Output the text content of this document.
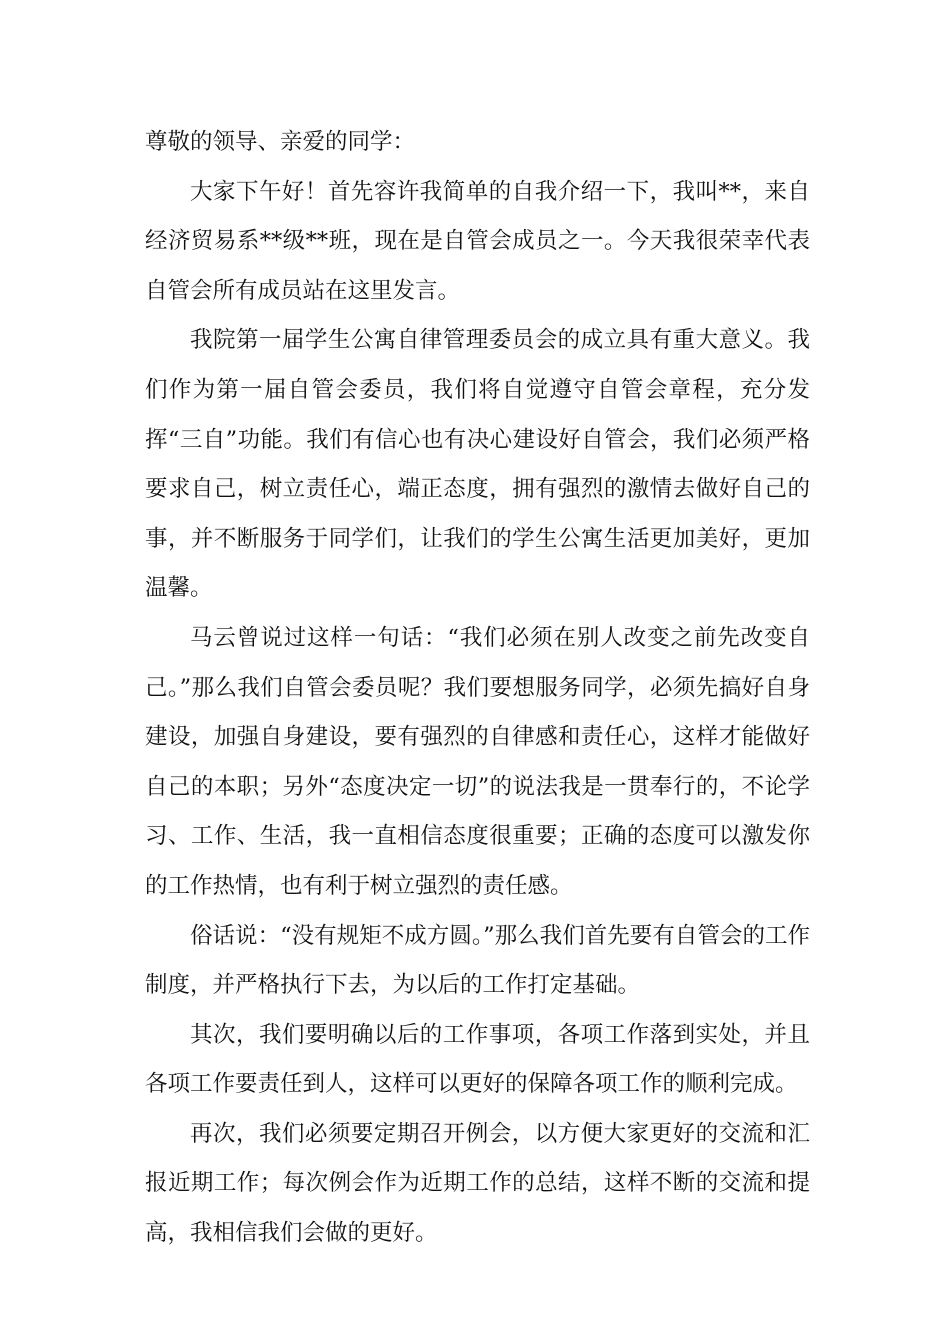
尊敬的领导、亲爱的同学：

大家下午好！首先容许我简单的自我介绍一下，我叫**，来自经济贸易系**级**班，现在是自管会成员之一。今天我很荣幸代表自管会所有成员站在这里发言。

我院第一届学生公寓自律管理委员会的成立具有重大意义。我们作为第一届自管会委员，我们将自觉遵守自管会章程，充分发挥“三自”功能。我们有信心也有决心建设好自管会，我们必须严格要求自己，树立责任心，端正态度，拥有强烈的激情去做好自己的事，并不断服务于同学们，让我们的学生公寓生活更加美好，更加温馨。

马云曾说过这样一句话：“我们必须在别人改变之前先改变自己。”那么我们自管会委员呢？我们要想服务同学，必须先搞好自身建设，加强自身建设，要有强烈的自律感和责任心，这样才能做好自己的本职；另外“态度决定一切”的说法我是一贯奉行的，不论学习、工作、生活，我一直相信态度很重要；正确的态度可以激发你的工作热情，也有利于树立强烈的责任感。

俗话说：“没有规矩不成方圆。”那么我们首先要有自管会的工作制度，并严格执行下去，为以后的工作打定基础。

其次，我们要明确以后的工作事项，各项工作落到实处，并且各项工作要责任到人，这样可以更好的保障各项工作的顺利完成。

再次，我们必须要定期召开例会，以方便大家更好的交流和汇报近期工作；每次例会作为近期工作的总结，这样不断的交流和提高，我相信我们会做的更好。
